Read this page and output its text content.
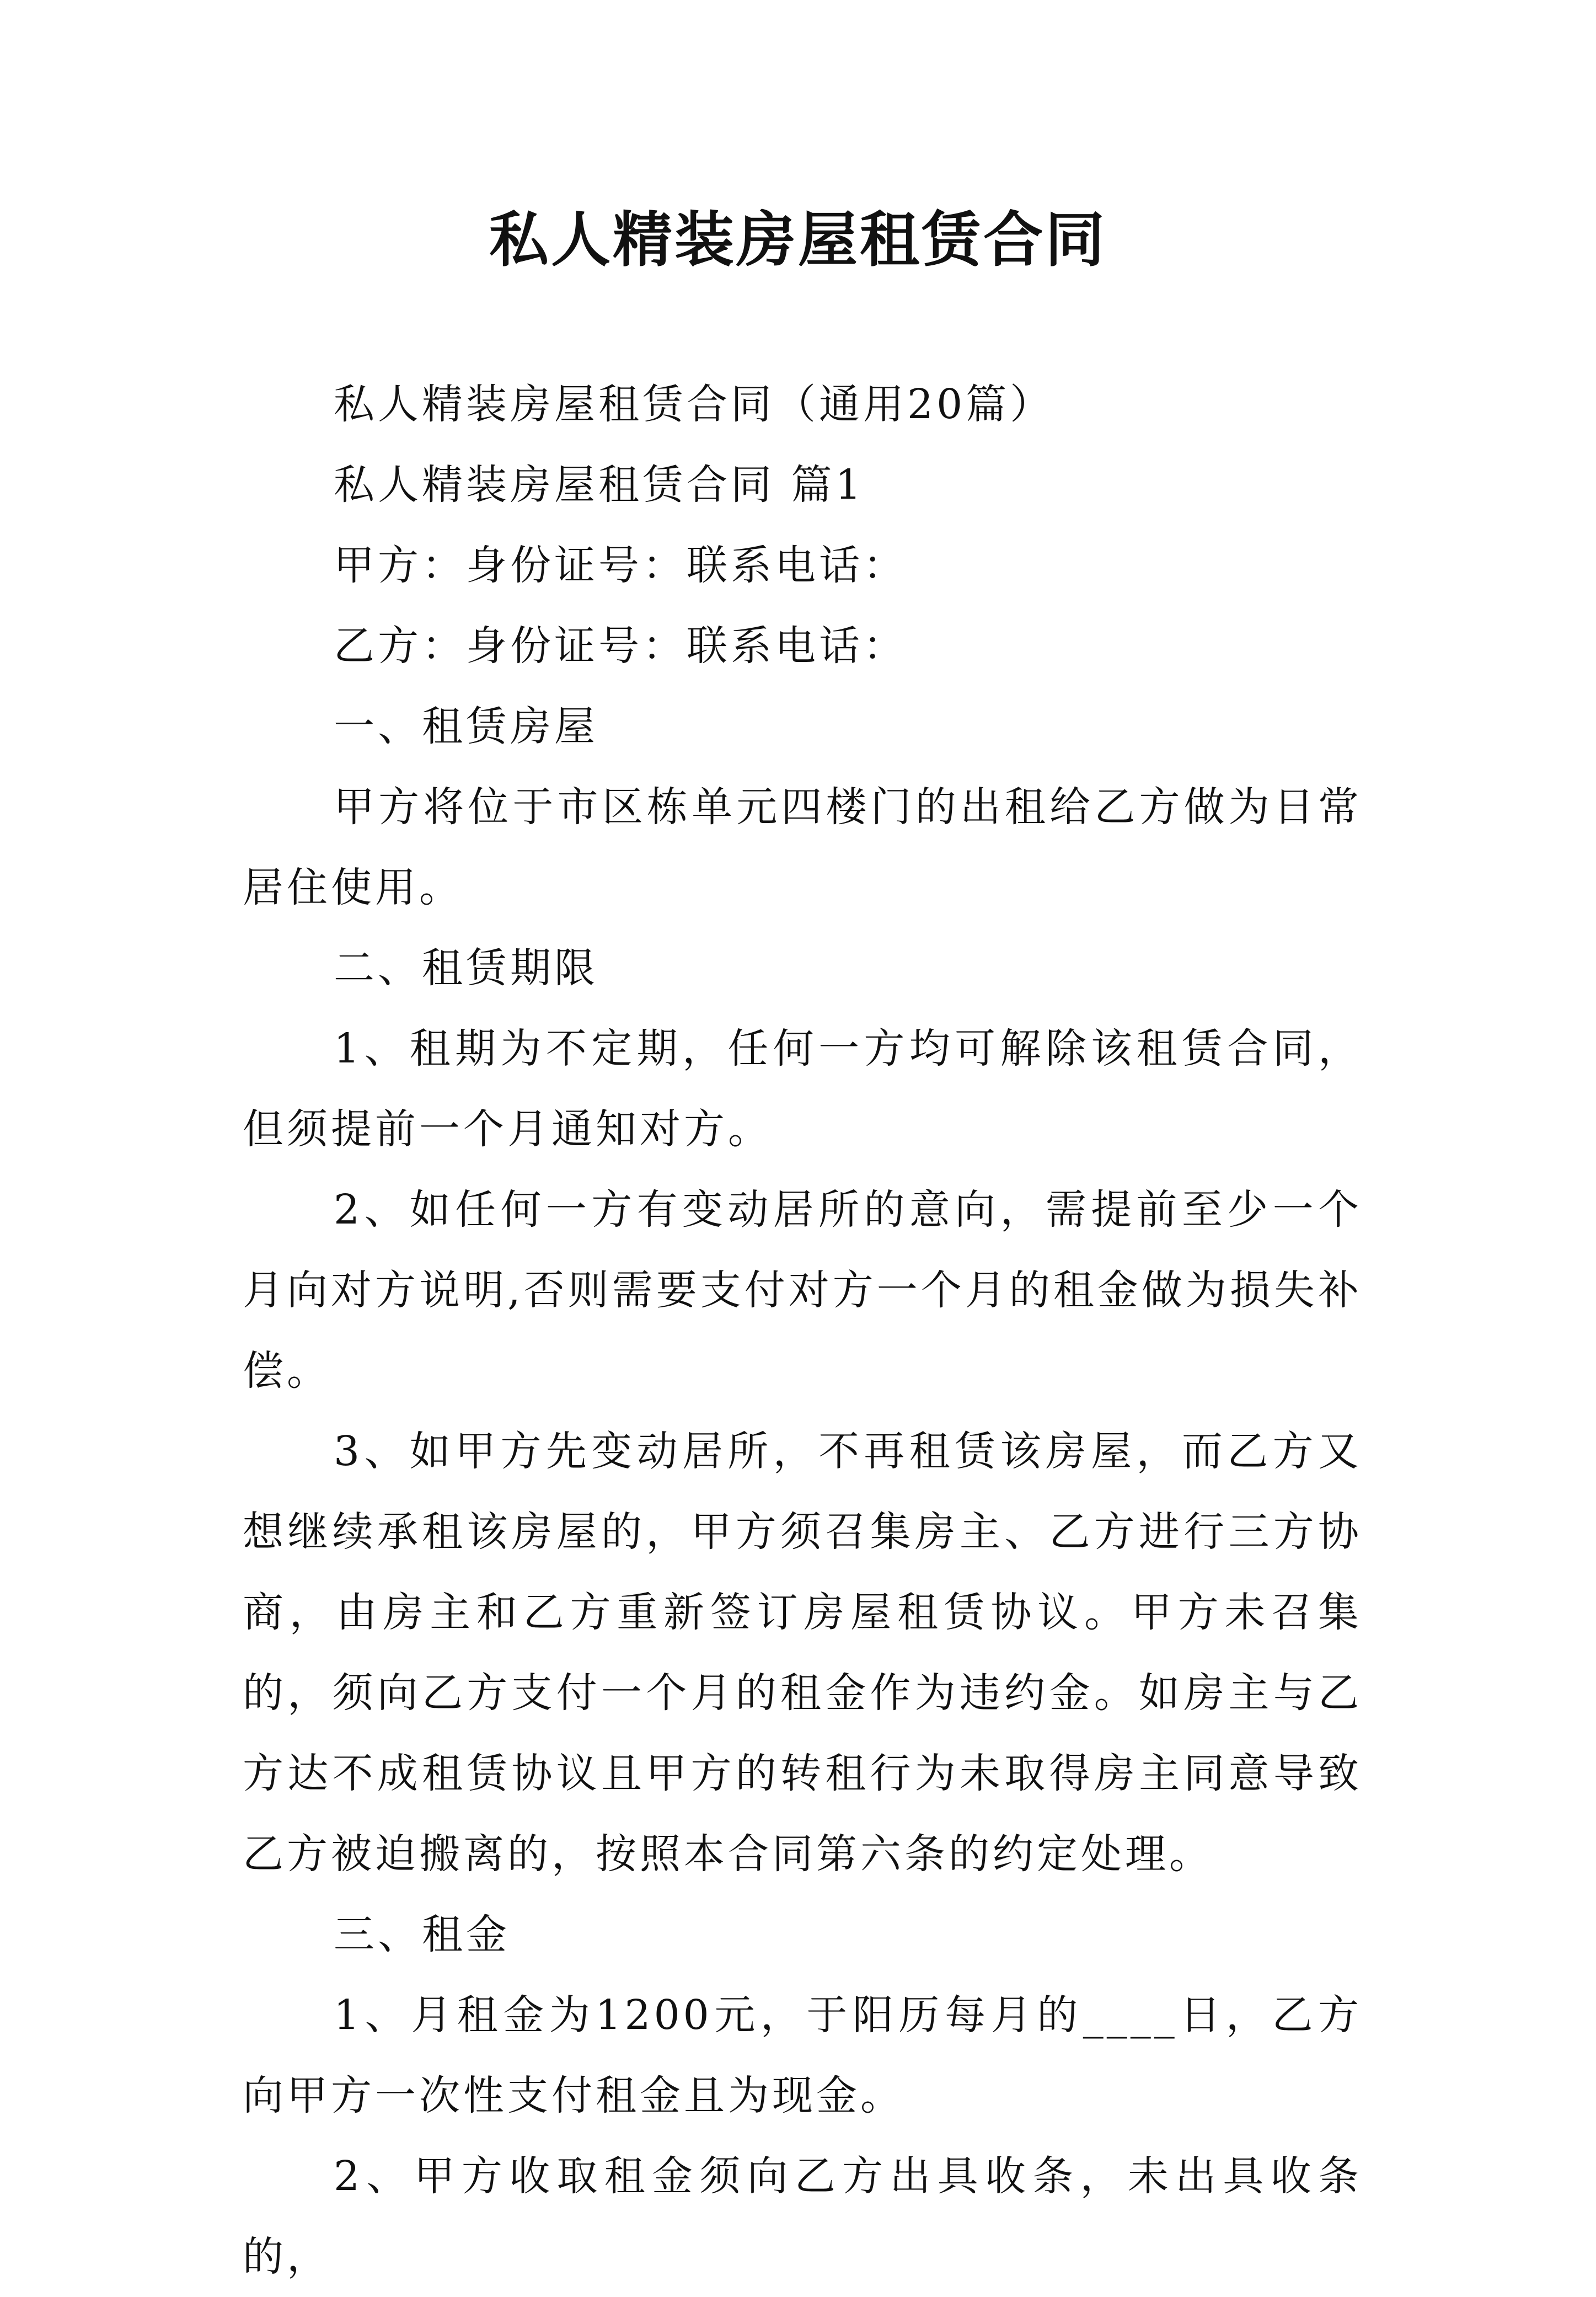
私人精装房屋租赁合同

私人精装房屋租赁合同（通用20篇）

私人精装房屋租赁合同 篇1

甲方：身份证号：联系电话：

乙方：身份证号：联系电话：

一、租赁房屋

甲方将位于市区栋单元四楼门的出租给乙方做为日常居住使用。

二、租赁期限

1、租期为不定期，任何一方均可解除该租赁合同，但须提前一个月通知对方。

2、如任何一方有变动居所的意向，需提前至少一个月向对方说明,否则需要支付对方一个月的租金做为损失补偿。

3、如甲方先变动居所，不再租赁该房屋，而乙方又想继续承租该房屋的，甲方须召集房主、乙方进行三方协商，由房主和乙方重新签订房屋租赁协议。甲方未召集的，须向乙方支付一个月的租金作为违约金。如房主与乙方达不成租赁协议且甲方的转租行为未取得房主同意导致乙方被迫搬离的，按照本合同第六条的约定处理。

三、租金

1、月租金为1200元，于阳历每月的____日，乙方向甲方一次性支付租金且为现金。

2、甲方收取租金须向乙方出具收条，未出具收条的，
